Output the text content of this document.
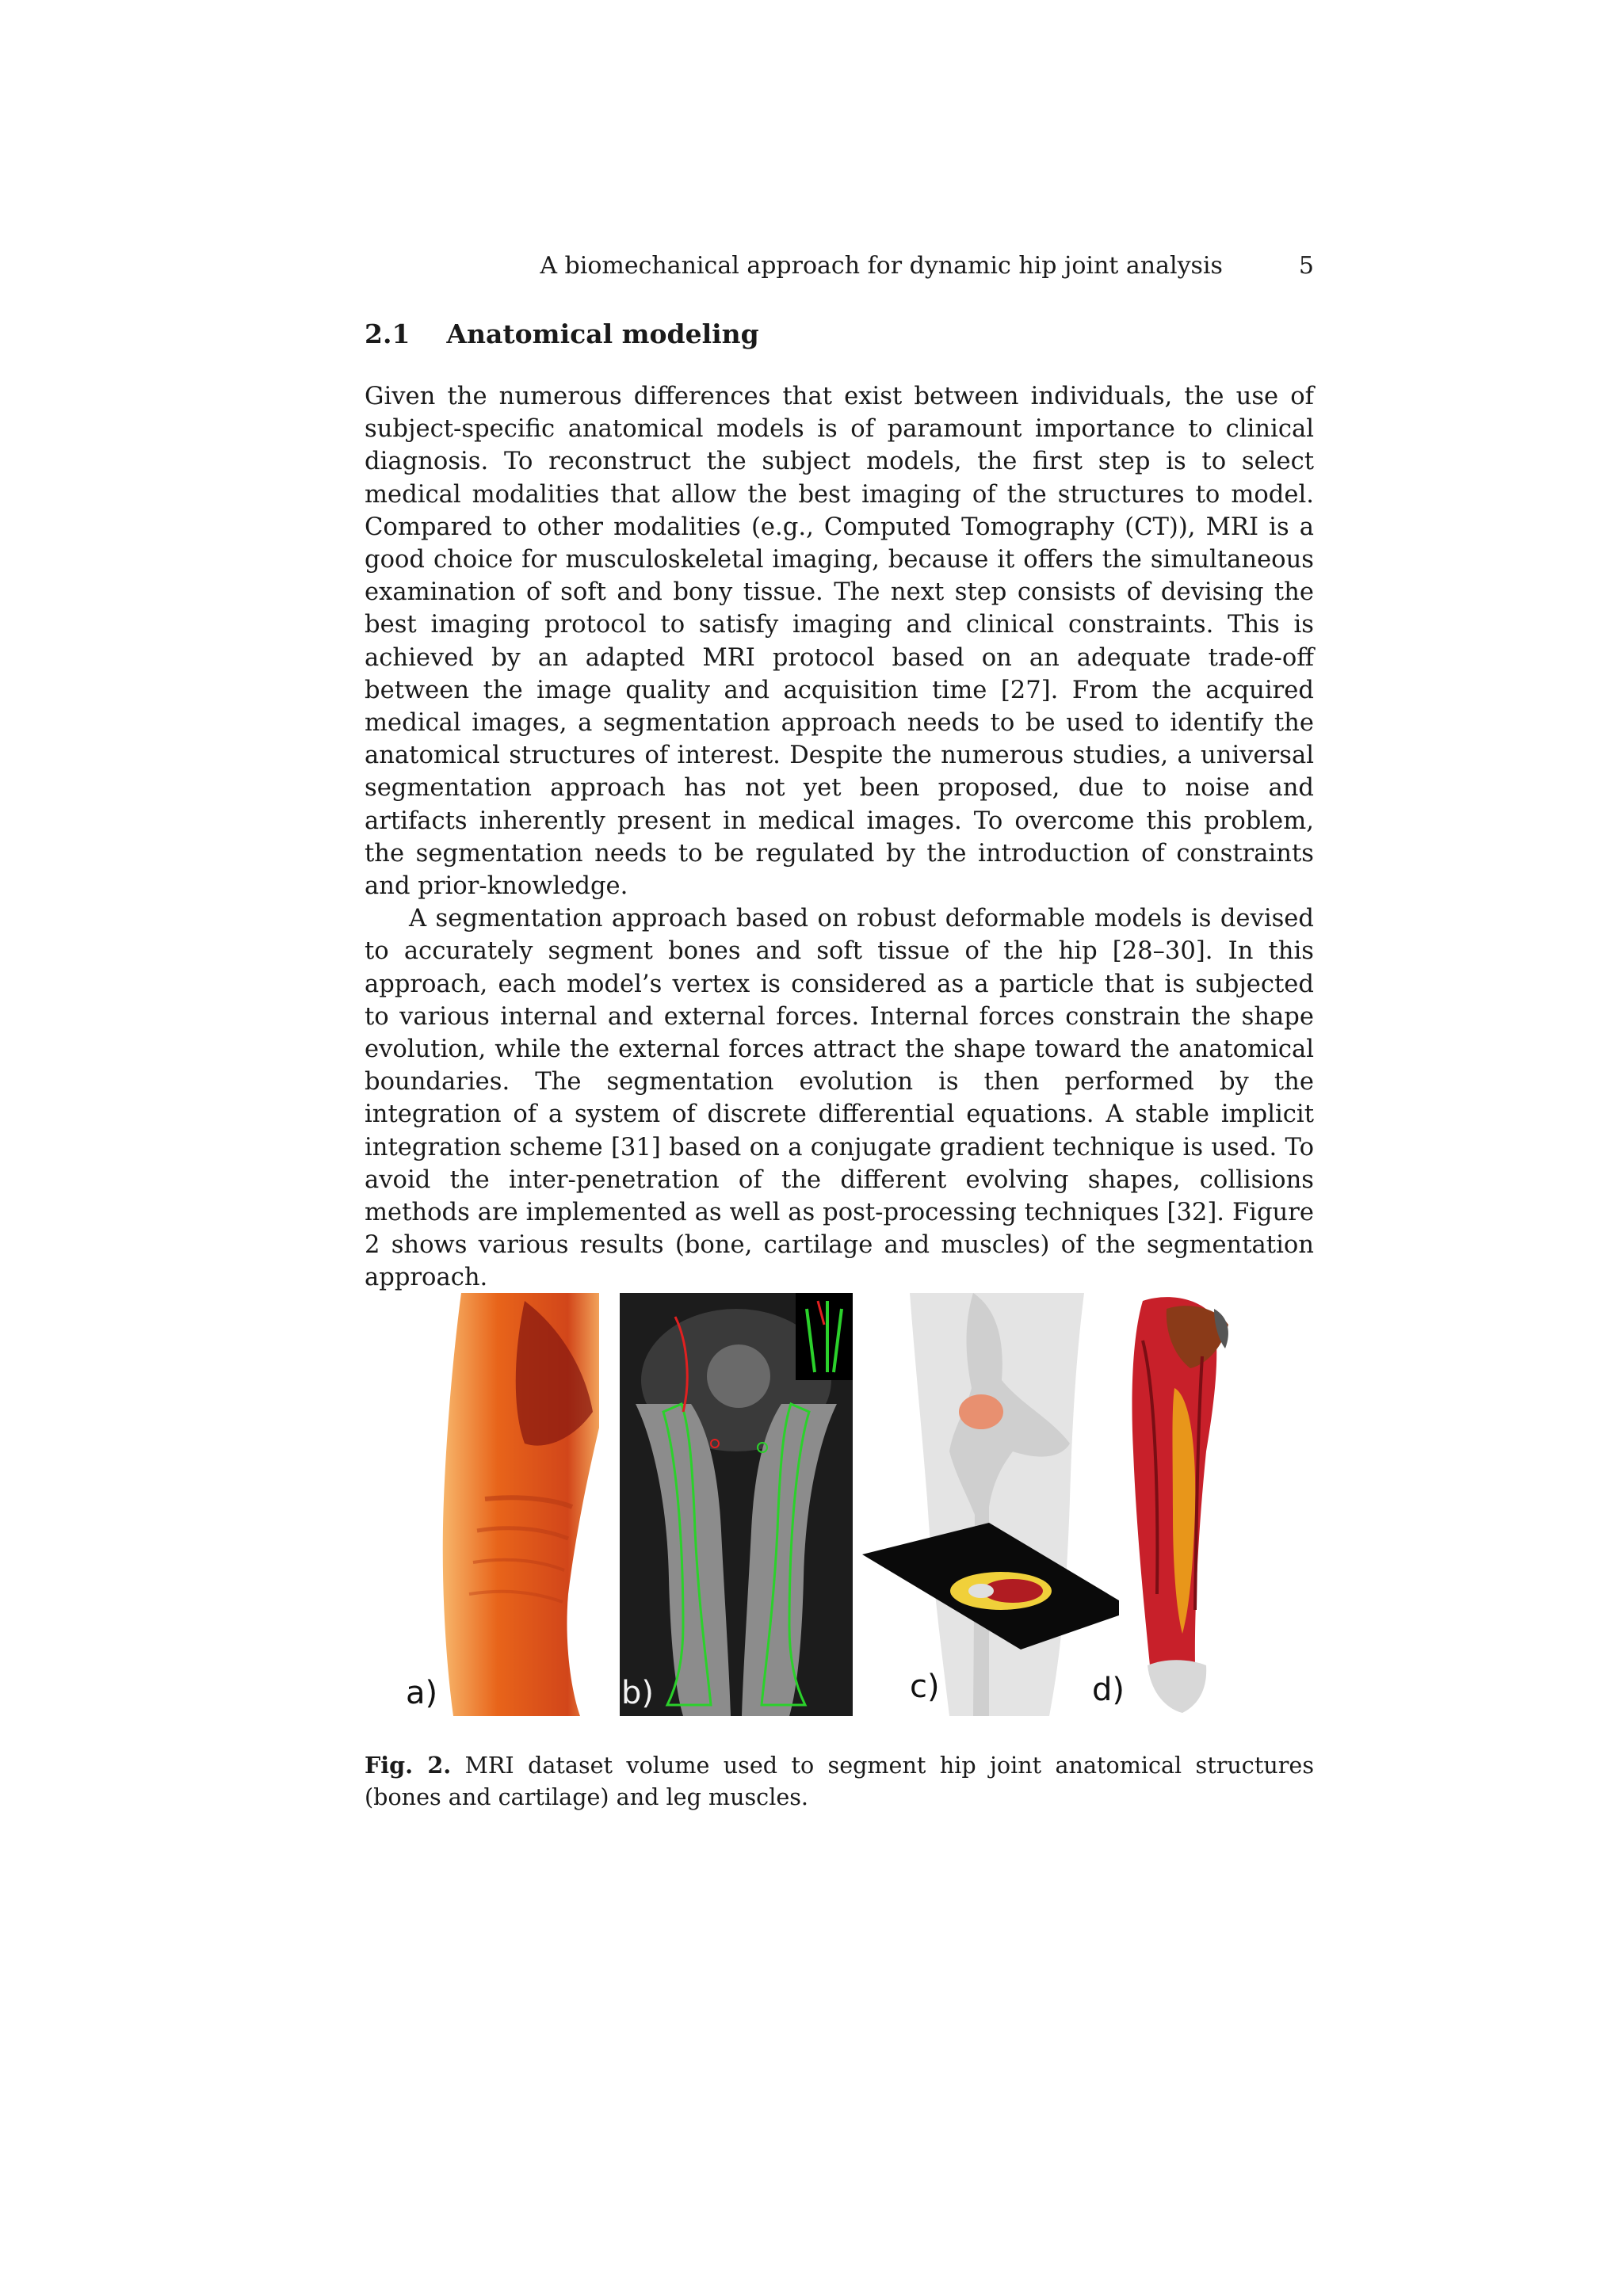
A biomechanical approach for dynamic hip joint analysis	5
2.1 Anatomical modeling

Given the numerous differences that exist between individuals, the use of subject-specific anatomical models is of paramount importance to clinical diagnosis. To reconstruct the subject models, the first step is to select medical modalities that allow the best imaging of the structures to model. Compared to other modalities (e.g., Computed Tomography (CT)), MRI is a good choice for musculoskeletal imaging, because it offers the simultaneous examination of soft and bony tissue. The next step consists of devising the best imaging protocol to satisfy imaging and clinical constraints. This is achieved by an adapted MRI protocol based on an adequate trade-off between the image quality and acquisition time [27]. From the acquired medical images, a segmentation approach needs to be used to identify the anatomical structures of interest. Despite the numerous studies, a universal segmentation approach has not yet been proposed, due to noise and artifacts inherently present in medical images. To overcome this problem, the segmentation needs to be regulated by the introduction of constraints and prior-knowledge.

A segmentation approach based on robust deformable models is devised to accurately segment bones and soft tissue of the hip [28–30]. In this approach, each model’s vertex is considered as a particle that is subjected to various internal and external forces. Internal forces constrain the shape evolution, while the external forces attract the shape toward the anatomical boundaries. The segmentation evolution is then performed by the integration of a system of discrete differential equations. A stable implicit integration scheme [31] based on a conjugate gradient technique is used. To avoid the inter-penetration of the different evolving shapes, collisions methods are implemented as well as post-processing techniques [32]. Figure 2 shows various results (bone, cartilage and muscles) of the segmentation approach.

a)	b)	c)	d)
Fig. 2. MRI dataset volume used to segment hip joint anatomical structures (bones and cartilage) and leg muscles.
